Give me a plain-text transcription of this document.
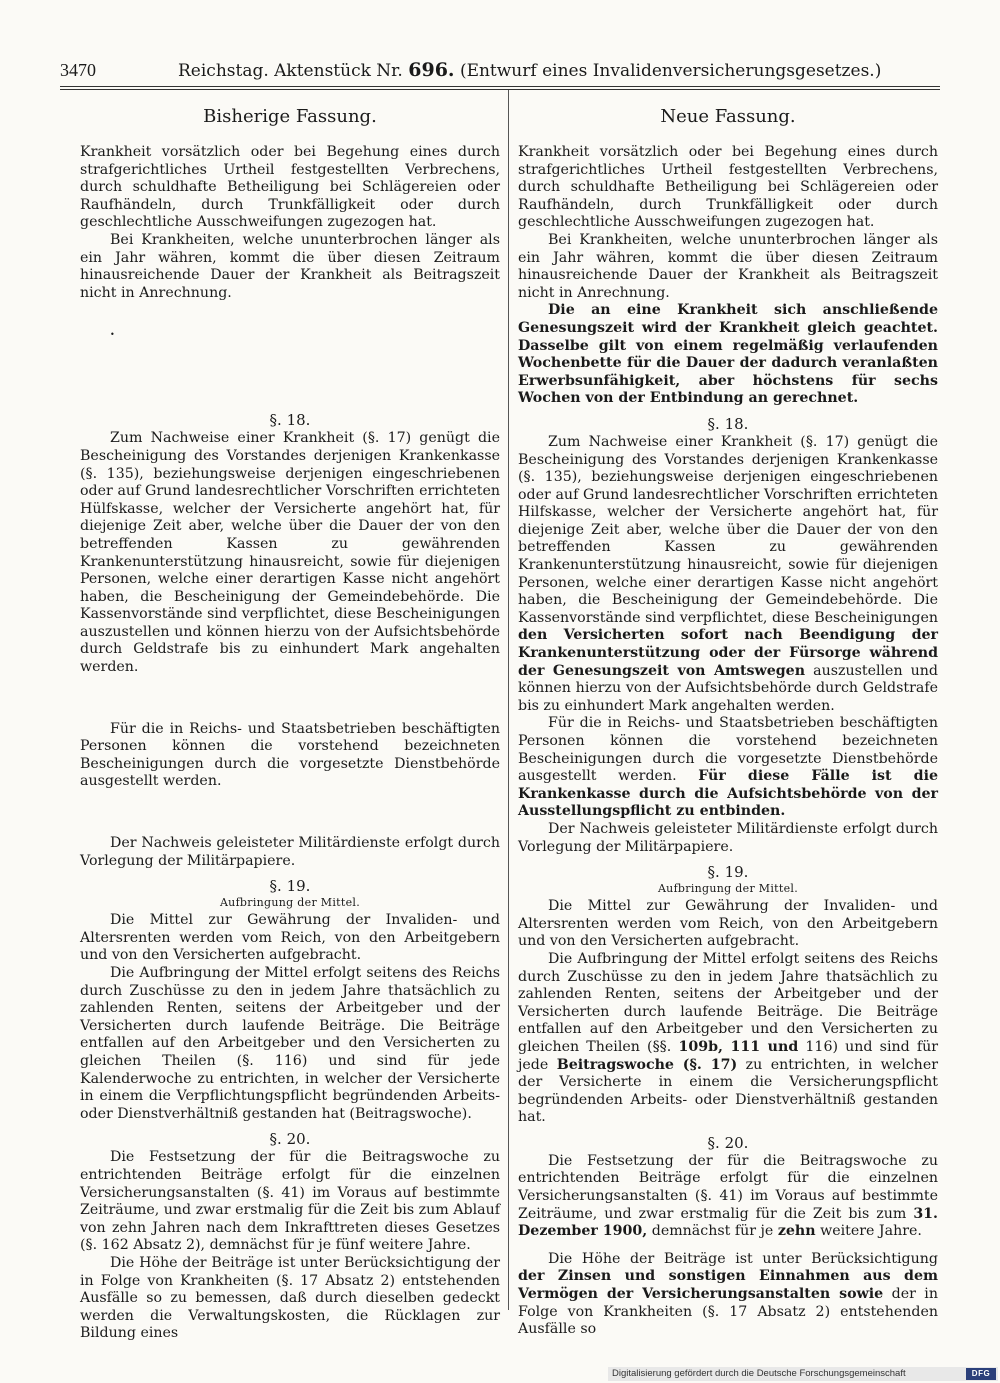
3470	Reichstag. Aktenstück Nr. 696. (Entwurf eines Invalidenversicherungsgesetzes.)
Bisherige Fassung.

Krankheit vorsätzlich oder bei Begehung eines durch strafgerichtliches Urtheil festgestellten Verbrechens, durch schuldhafte Betheiligung bei Schlägereien oder Raufhändeln, durch Trunkfälligkeit oder durch geschlechtliche Ausschweifungen zugezogen hat.

Bei Krankheiten, welche ununterbrochen länger als ein Jahr währen, kommt die über diesen Zeitraum hinausreichende Dauer der Krankheit als Beitragszeit nicht in Anrechnung.

§. 18.

Zum Nachweise einer Krankheit (§. 17) genügt die Bescheinigung des Vorstandes derjenigen Krankenkasse (§. 135), beziehungsweise derjenigen eingeschriebenen oder auf Grund landesrechtlicher Vorschriften errichteten Hülfskasse, welcher der Versicherte angehört hat, für diejenige Zeit aber, welche über die Dauer der von den betreffenden Kassen zu gewährenden Krankenunterstützung hinausreicht, sowie für diejenigen Personen, welche einer derartigen Kasse nicht angehört haben, die Bescheinigung der Gemeindebehörde. Die Kassenvorstände sind verpflichtet, diese Bescheinigungen auszustellen und können hierzu von der Aufsichtsbehörde durch Geldstrafe bis zu einhundert Mark angehalten werden.

Für die in Reichs- und Staatsbetrieben beschäftigten Personen können die vorstehend bezeichneten Bescheinigungen durch die vorgesetzte Dienstbehörde ausgestellt werden.

Der Nachweis geleisteter Militärdienste erfolgt durch Vorlegung der Militärpapiere.

§. 19.
Aufbringung der Mittel.

Die Mittel zur Gewährung der Invaliden- und Altersrenten werden vom Reich, von den Arbeitgebern und von den Versicherten aufgebracht.

Die Aufbringung der Mittel erfolgt seitens des Reichs durch Zuschüsse zu den in jedem Jahre thatsächlich zu zahlenden Renten, seitens der Arbeitgeber und der Versicherten durch laufende Beiträge. Die Beiträge entfallen auf den Arbeitgeber und den Versicherten zu gleichen Theilen (§. 116) und sind für jede Kalenderwoche zu entrichten, in welcher der Versicherte in einem die Verpflichtungspflicht begründenden Arbeits- oder Dienstverhältniß gestanden hat (Beitragswoche).

§. 20.

Die Festsetzung der für die Beitragswoche zu entrichtenden Beiträge erfolgt für die einzelnen Versicherungsanstalten (§. 41) im Voraus auf bestimmte Zeiträume, und zwar erstmalig für die Zeit bis zum Ablauf von zehn Jahren nach dem Inkrafttreten dieses Gesetzes (§. 162 Absatz 2), demnächst für je fünf weitere Jahre.

Die Höhe der Beiträge ist unter Berücksichtigung der in Folge von Krankheiten (§. 17 Absatz 2) entstehenden Ausfälle so zu bemessen, daß durch dieselben gedeckt werden die Verwaltungskosten, die Rücklagen zur Bildung eines

•
Neue Fassung.

Krankheit vorsätzlich oder bei Begehung eines durch strafgerichtliches Urtheil festgestellten Verbrechens, durch schuldhafte Betheiligung bei Schlägereien oder Raufhändeln, durch Trunkfälligkeit oder durch geschlechtliche Ausschweifungen zugezogen hat.

Bei Krankheiten, welche ununterbrochen länger als ein Jahr währen, kommt die über diesen Zeitraum hinausreichende Dauer der Krankheit als Beitragszeit nicht in Anrechnung.

Die an eine Krankheit sich anschließende Genesungszeit wird der Krankheit gleich geachtet. Dasselbe gilt von einem regelmäßig verlaufenden Wochenbette für die Dauer der dadurch veranlaßten Erwerbsunfähigkeit, aber höchstens für sechs Wochen von der Entbindung an gerechnet.

§. 18.

Zum Nachweise einer Krankheit (§. 17) genügt die Bescheinigung des Vorstandes derjenigen Krankenkasse (§. 135), beziehungsweise derjenigen eingeschriebenen oder auf Grund landesrechtlicher Vorschriften errichteten Hilfskasse, welcher der Versicherte angehört hat, für diejenige Zeit aber, welche über die Dauer der von den betreffenden Kassen zu gewährenden Krankenunterstützung hinausreicht, sowie für diejenigen Personen, welche einer derartigen Kasse nicht angehört haben, die Bescheinigung der Gemeindebehörde. Die Kassenvorstände sind verpflichtet, diese Bescheinigungen den Versicherten sofort nach Beendigung der Krankenunterstützung oder der Fürsorge während der Genesungszeit von Amtswegen auszustellen und können hierzu von der Aufsichtsbehörde durch Geldstrafe bis zu einhundert Mark angehalten werden.

Für die in Reichs- und Staatsbetrieben beschäftigten Personen können die vorstehend bezeichneten Bescheinigungen durch die vorgesetzte Dienstbehörde ausgestellt werden. Für diese Fälle ist die Krankenkasse durch die Aufsichtsbehörde von der Ausstellungspflicht zu entbinden.

Der Nachweis geleisteter Militärdienste erfolgt durch Vorlegung der Militärpapiere.

§. 19.
Aufbringung der Mittel.

Die Mittel zur Gewährung der Invaliden- und Altersrenten werden vom Reich, von den Arbeitgebern und von den Versicherten aufgebracht.

Die Aufbringung der Mittel erfolgt seitens des Reichs durch Zuschüsse zu den in jedem Jahre thatsächlich zu zahlenden Renten, seitens der Arbeitgeber und der Versicherten durch laufende Beiträge. Die Beiträge entfallen auf den Arbeitgeber und den Versicherten zu gleichen Theilen (§§. 109b, 111 und 116) und sind für jede Beitragswoche (§. 17) zu entrichten, in welcher der Versicherte in einem die Versicherungspflicht begründenden Arbeits- oder Dienstverhältniß gestanden hat.

§. 20.

Die Festsetzung der für die Beitragswoche zu entrichtenden Beiträge erfolgt für die einzelnen Versicherungsanstalten (§. 41) im Voraus auf bestimmte Zeiträume, und zwar erstmalig für die Zeit bis zum 31. Dezember 1900, demnächst für je zehn weitere Jahre.

Die Höhe der Beiträge ist unter Berücksichtigung der Zinsen und sonstigen Einnahmen aus dem Vermögen der Versicherungsanstalten sowie der in Folge von Krankheiten (§. 17 Absatz 2) entstehenden Ausfälle so

Digitalisierung gefördert durch die Deutsche Forschungsgemeinschaft	DFG
